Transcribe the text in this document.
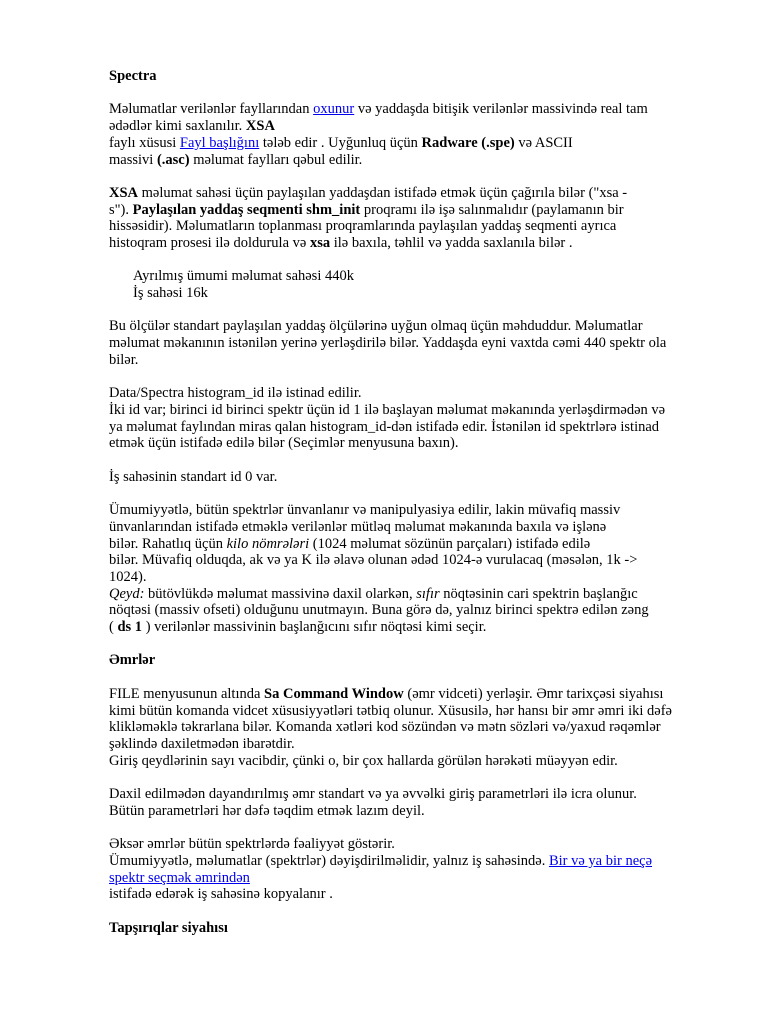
Spectra

Məlumatlar verilənlər fayllarından oxunur və yaddaşda bitişik verilənlər massivində real tam

ədədlər kimi saxlanılır. XSA

faylı xüsusi Fayl başlığını tələb edir . Uyğunluq üçün Radware (.spe) və ASCII

massivi (.asc) məlumat faylları qəbul edilir.

XSA məlumat sahəsi üçün paylaşılan yaddaşdan istifadə etmək üçün çağırıla bilər ("xsa -

s"). Paylaşılan yaddaş seqmenti shm_init proqramı ilə işə salınmalıdır (paylamanın bir

hissəsidir). Məlumatların toplanması proqramlarında paylaşılan yaddaş seqmenti ayrıca

histoqram prosesi ilə doldurula və xsa ilə baxıla, təhlil və yadda saxlanıla bilər .

Ayrılmış ümumi məlumat sahəsi 440k

İş sahəsi 16k

Bu ölçülər standart paylaşılan yaddaş ölçülərinə uyğun olmaq üçün məhduddur. Məlumatlar

məlumat məkanının istənilən yerinə yerləşdirilə bilər. Yaddaşda eyni vaxtda cəmi 440 spektr ola

bilər.

Data/Spectra histogram_id ilə istinad edilir.

İki id var; birinci id birinci spektr üçün id 1 ilə başlayan məlumat məkanında yerləşdirmədən və

ya məlumat faylından miras qalan histogram_id-dən istifadə edir. İstənilən id spektrlərə istinad

etmək üçün istifadə edilə bilər (Seçimlər menyusuna baxın).

İş sahəsinin standart id 0 var.

Ümumiyyətlə, bütün spektrlər ünvanlanır və manipulyasiya edilir, lakin müvafiq massiv

ünvanlarından istifadə etməklə verilənlər mütləq məlumat məkanında baxıla və işlənə

bilər. Rahatlıq üçün kilo nömrələri (1024 məlumat sözünün parçaları) istifadə edilə

bilər. Müvafiq olduqda, ak və ya K ilə əlavə olunan ədəd 1024-ə vurulacaq (məsələn, 1k ->

1024).

Qeyd: bütövlükdə məlumat massivinə daxil olarkən, sıfır nöqtəsinin cari spektrin başlanğıc

nöqtəsi (massiv ofseti) olduğunu unutmayın. Buna görə də, yalnız birinci spektrə edilən zəng

( ds 1 ) verilənlər massivinin başlanğıcını sıfır nöqtəsi kimi seçir.

Əmrlər

FILE menyusunun altında Sa Command Window (əmr vidceti) yerləşir. Əmr tarixçəsi siyahısı

kimi bütün komanda vidcet xüsusiyyətləri tətbiq olunur. Xüsusilə, hər hansı bir əmr əmri iki dəfə

klikləməklə təkrarlana bilər. Komanda xətləri kod sözündən və mətn sözləri və/yaxud rəqəmlər

şəklində daxiletmədən ibarətdir.

Giriş qeydlərinin sayı vacibdir, çünki o, bir çox hallarda görülən hərəkəti müəyyən edir.

Daxil edilmədən dayandırılmış əmr standart və ya əvvəlki giriş parametrləri ilə icra olunur.

Bütün parametrləri hər dəfə təqdim etmək lazım deyil.

Əksər əmrlər bütün spektrlərdə fəaliyyət göstərir.

Ümumiyyətlə, məlumatlar (spektrlər) dəyişdirilməlidir, yalnız iş sahəsində. Bir və ya bir neçə

spektr seçmək əmrindən

istifadə edərək iş sahəsinə kopyalanır .

Tapşırıqlar siyahısı
